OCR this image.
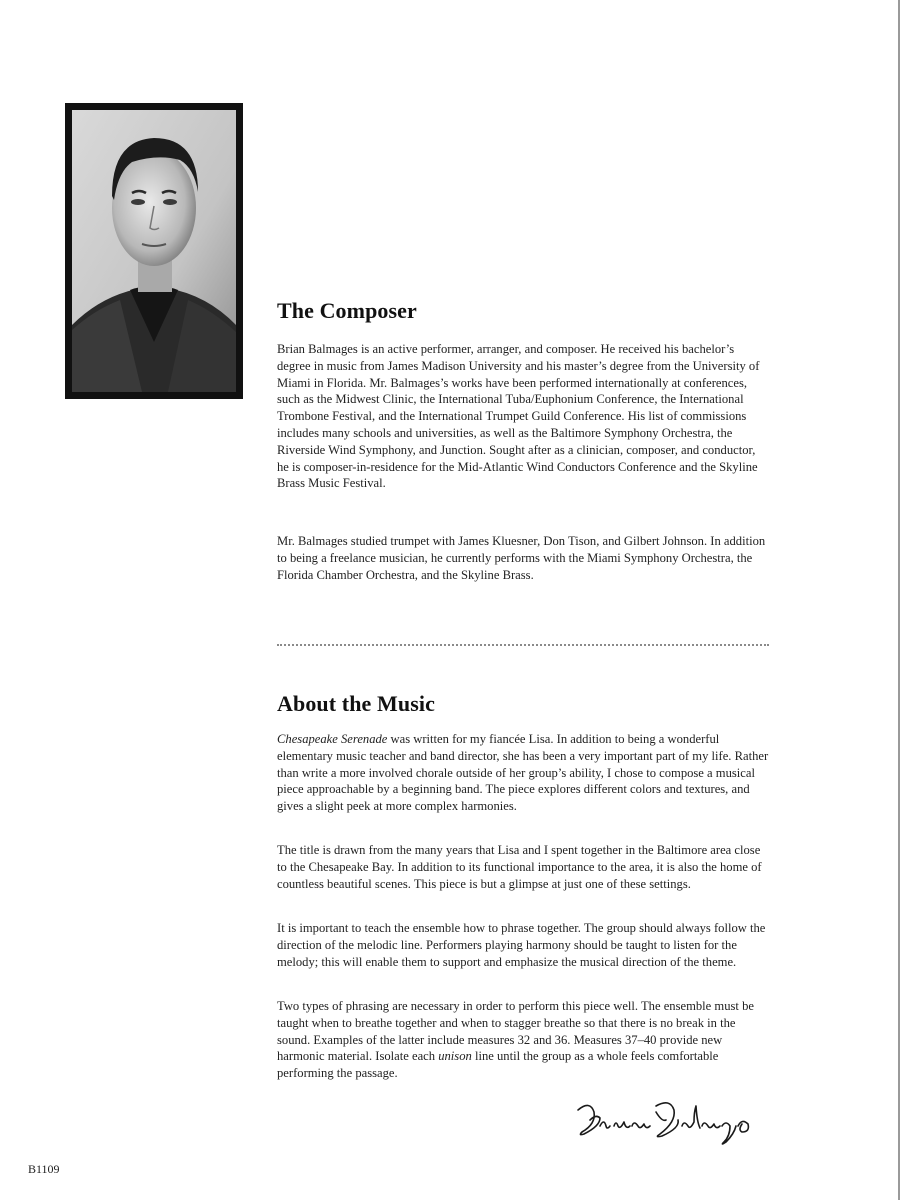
The Composer

Brian Balmages is an active performer, arranger, and composer. He received his bachelor’s degree in music from James Madison University and his master’s degree from the University of Miami in Florida. Mr. Balmages’s works have been performed internationally at conferences, such as the Midwest Clinic, the International Tuba/Euphonium Conference, the International Trombone Festival, and the International Trumpet Guild Conference. His list of commissions includes many schools and universities, as well as the Baltimore Symphony Orchestra, the Riverside Wind Symphony, and Junction. Sought after as a clinician, composer, and conductor, he is composer-in-residence for the Mid-Atlantic Wind Conductors Conference and the Skyline Brass Music Festival.

Mr. Balmages studied trumpet with James Kluesner, Don Tison, and Gilbert Johnson. In addition to being a freelance musician, he currently performs with the Miami Symphony Orchestra, the Florida Chamber Orchestra, and the Skyline Brass.

About the Music

Chesapeake Serenade was written for my fiancée Lisa. In addition to being a wonderful elementary music teacher and band director, she has been a very important part of my life. Rather than write a more involved chorale outside of her group’s ability, I chose to compose a musical piece approachable by a beginning band. The piece explores different colors and textures, and gives a slight peek at more complex harmonies.

The title is drawn from the many years that Lisa and I spent together in the Baltimore area close to the Chesapeake Bay. In addition to its functional importance to the area, it is also the home of countless beautiful scenes. This piece is but a glimpse at just one of these settings.

It is important to teach the ensemble how to phrase together. The group should always follow the direction of the melodic line. Performers playing harmony should be taught to listen for the melody; this will enable them to support and emphasize the musical direction of the theme.

Two types of phrasing are necessary in order to perform this piece well. The ensemble must be taught when to breathe together and when to stagger breathe so that there is no break in the sound. Examples of the latter include measures 32 and 36. Measures 37–40 provide new harmonic material. Isolate each unison line until the group as a whole feels comfortable performing the passage.

B1109
